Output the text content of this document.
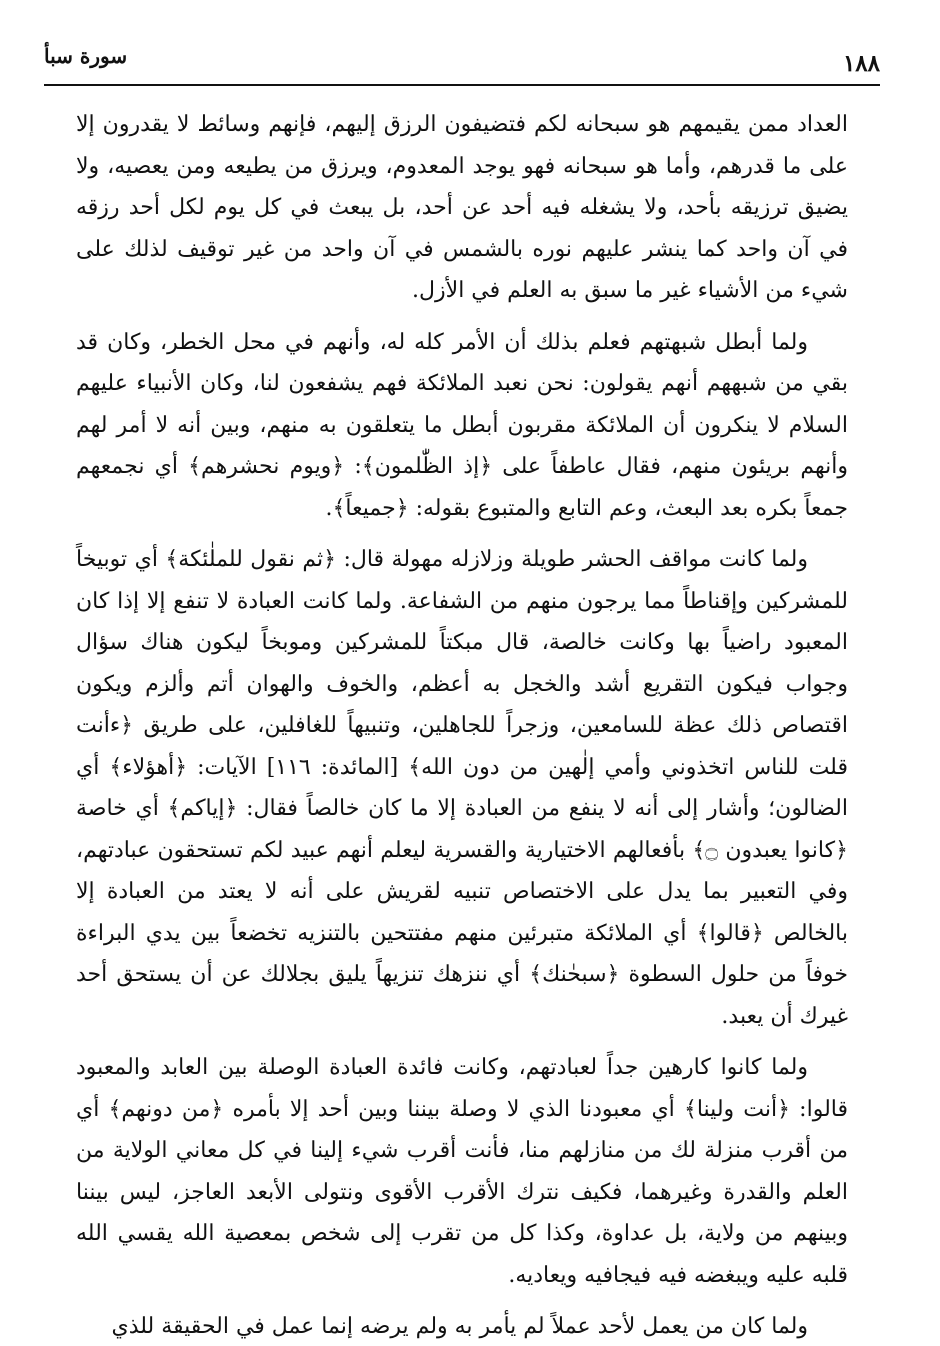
١٨٨
سورة سبأ

العداد ممن يقيمهم هو سبحانه لكم فتضيفون الرزق إليهم، فإنهم وسائط لا يقدرون إلا على ما قدرهم، وأما هو سبحانه فهو يوجد المعدوم، ويرزق من يطيعه ومن يعصيه، ولا يضيق ترزيقه بأحد، ولا يشغله فيه أحد عن أحد، بل يبعث في كل يوم لكل أحد رزقه في آن واحد كما ينشر عليهم نوره بالشمس في آن واحد من غير توقيف لذلك على شيء من الأشياء غير ما سبق به العلم في الأزل.

ولما أبطل شبهتهم فعلم بذلك أن الأمر كله له، وأنهم في محل الخطر، وكان قد بقي من شبههم أنهم يقولون: نحن نعبد الملائكة فهم يشفعون لنا، وكان الأنبياء عليهم السلام لا ينكرون أن الملائكة مقربون أبطل ما يتعلقون به منهم، وبين أنه لا أمر لهم وأنهم بريئون منهم، فقال عاطفاً على ﴿إذ الظّٰلمون﴾: ﴿ويوم نحشرهم﴾ أي نجمعهم جمعاً بكره بعد البعث، وعم التابع والمتبوع بقوله: ﴿جميعاً﴾.

ولما كانت مواقف الحشر طويلة وزلازله مهولة قال: ﴿ثم نقول للملٰئكة﴾ أي توبيخاً للمشركين وإقناطاً مما يرجون منهم من الشفاعة. ولما كانت العبادة لا تنفع إلا إذا كان المعبود راضياً بها وكانت خالصة، قال مبكتاً للمشركين وموبخاً ليكون هناك سؤال وجواب فيكون التقريع أشد والخجل به أعظم، والخوف والهوان أتم وألزم ويكون اقتصاص ذلك عظة للسامعين، وزجراً للجاهلين، وتنبيهاً للغافلين، على طريق ﴿ءأنت قلت للناس اتخذوني وأمي إلٰهين من دون الله﴾ [المائدة: ١١٦] الآيات: ﴿أهؤلاء﴾ أي الضالون؛ وأشار إلى أنه لا ينفع من العبادة إلا ما كان خالصاً فقال: ﴿إياكم﴾ أي خاصة ﴿كانوا يعبدون ۝﴾ بأفعالهم الاختيارية والقسرية ليعلم أنهم عبيد لكم تستحقون عبادتهم، وفي التعبير بما يدل على الاختصاص تنبيه لقريش على أنه لا يعتد من العبادة إلا بالخالص ﴿قالوا﴾ أي الملائكة متبرئين منهم مفتتحين بالتنزيه تخضعاً بين يدي البراءة خوفاً من حلول السطوة ﴿سبحٰنك﴾ أي ننزهك تنزيهاً يليق بجلالك عن أن يستحق أحد غيرك أن يعبد.

ولما كانوا كارهين جداً لعبادتهم، وكانت فائدة العبادة الوصلة بين العابد والمعبود قالوا: ﴿أنت ولينا﴾ أي معبودنا الذي لا وصلة بيننا وبين أحد إلا بأمره ﴿من دونهم﴾ أي من أقرب منزلة لك من منازلهم منا، فأنت أقرب شيء إلينا في كل معاني الولاية من العلم والقدرة وغيرهما، فكيف نترك الأقرب الأقوى ونتولى الأبعد العاجز، ليس بيننا وبينهم من ولاية، بل عداوة، وكذا كل من تقرب إلى شخص بمعصية الله يقسي الله قلبه عليه ويبغضه فيه فيجافيه ويعاديه.

ولما كان من يعمل لأحد عملاً لم يأمر به ولم يرضه إنما عمل في الحقيقة للذي
